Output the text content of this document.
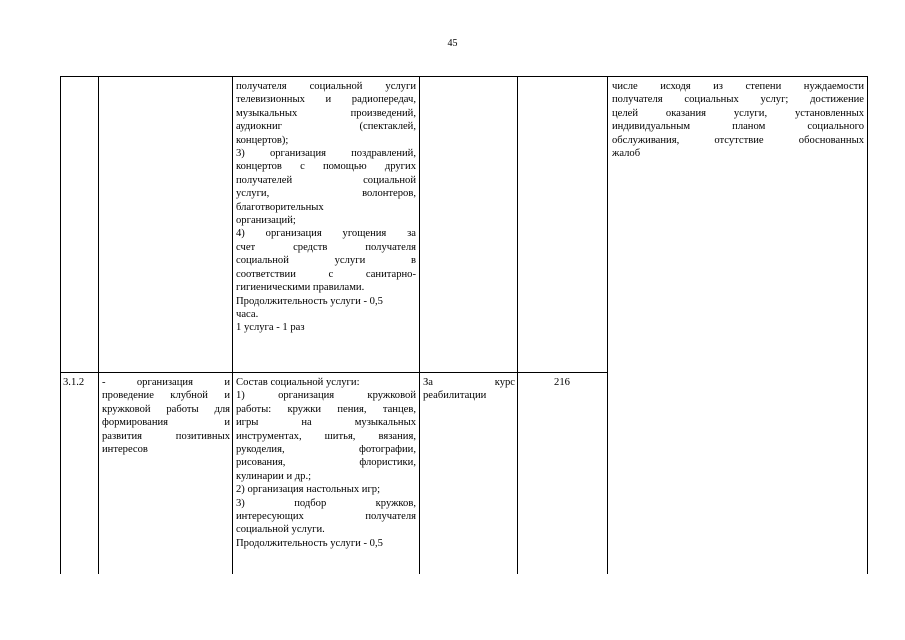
45
получателя социальной услуги
телевизионных и радиопередач,
музыкальных произведений,
аудиокниг (спектаклей,
концертов);
3) организация поздравлений,
концертов с помощью других
получателей социальной
услуги, волонтеров,
благотворительных
организаций;
4) организация угощения за
счет средств получателя
социальной услуги в
соответствии с санитарно-
гигиеническими правилами.
Продолжительность услуги - 0,5
часа.
1 услуга - 1 раз
числе исходя из степени нуждаемости
получателя социальных услуг; достижение
целей оказания услуги, установленных
индивидуальным планом социального
обслуживания, отсутствие обоснованных
жалоб
3.1.2	- организация и
проведение клубной и
кружковой работы для
формирования и
развития позитивных
интересов
Состав социальной услуги:
1) организация кружковой
работы: кружки пения, танцев,
игры на музыкальных
инструментах, шитья, вязания,
рукоделия, фотографии,
рисования, флористики,
кулинарии и др.;
2) организация настольных игр;
3) подбор кружков,
интересующих получателя
социальной услуги.
Продолжительность услуги - 0,5
За курс
реабилитации
216
